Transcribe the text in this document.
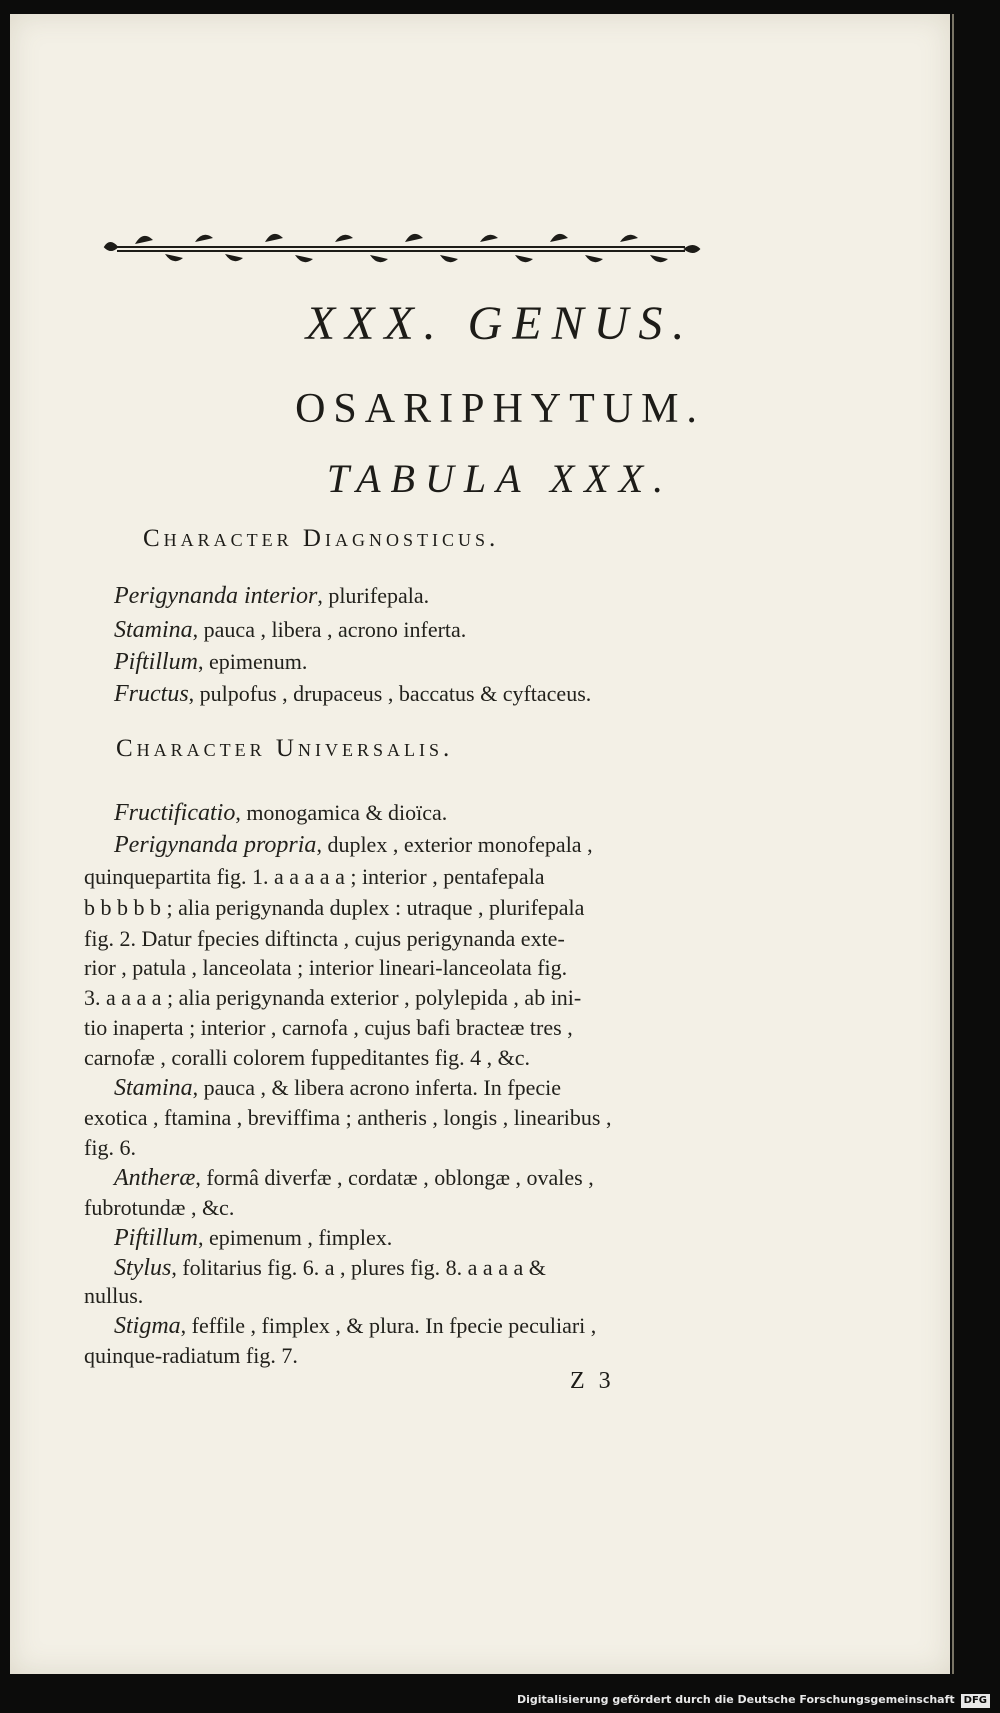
XXX. GENUS.
OSARIPHYTUM.
TABULA XXX.
Character Diagnosticus.
Perigynanda interior, plurifepala.
Stamina, pauca , libera , acrono inferta.
Piftillum, epimenum.
Fructus, pulpofus , drupaceus , baccatus & cyftaceus.
Character Universalis.
Fructificatio, monogamica & dioïca.
Perigynanda propria, duplex , exterior monofepala ,
quinquepartita fig. 1. a a a a a ; interior , pentafepala
b b b b b ; alia perigynanda duplex : utraque , plurifepala
fig. 2. Datur fpecies diftincta , cujus perigynanda exte-
rior , patula , lanceolata ; interior lineari-lanceolata fig.
3. a a a a ; alia perigynanda exterior , polylepida , ab ini-
tio inaperta ; interior , carnofa , cujus bafi bracteæ tres ,
carnofæ , coralli colorem fuppeditantes fig. 4 , &c.
Stamina, pauca , & libera acrono inferta. In fpecie
exotica , ftamina , breviffima ; antheris , longis , linearibus ,
fig. 6.
Antheræ, formâ diverfæ , cordatæ , oblongæ , ovales ,
fubrotundæ , &c.
Piftillum, epimenum , fimplex.
Stylus, folitarius fig. 6. a , plures fig. 8. a a a a &
nullus.
Stigma, feffile , fimplex , & plura. In fpecie peculiari ,
quinque-radiatum fig. 7.
Z 3
Digitalisierung gefördert durch die Deutsche Forschungsgemeinschaft DFG
